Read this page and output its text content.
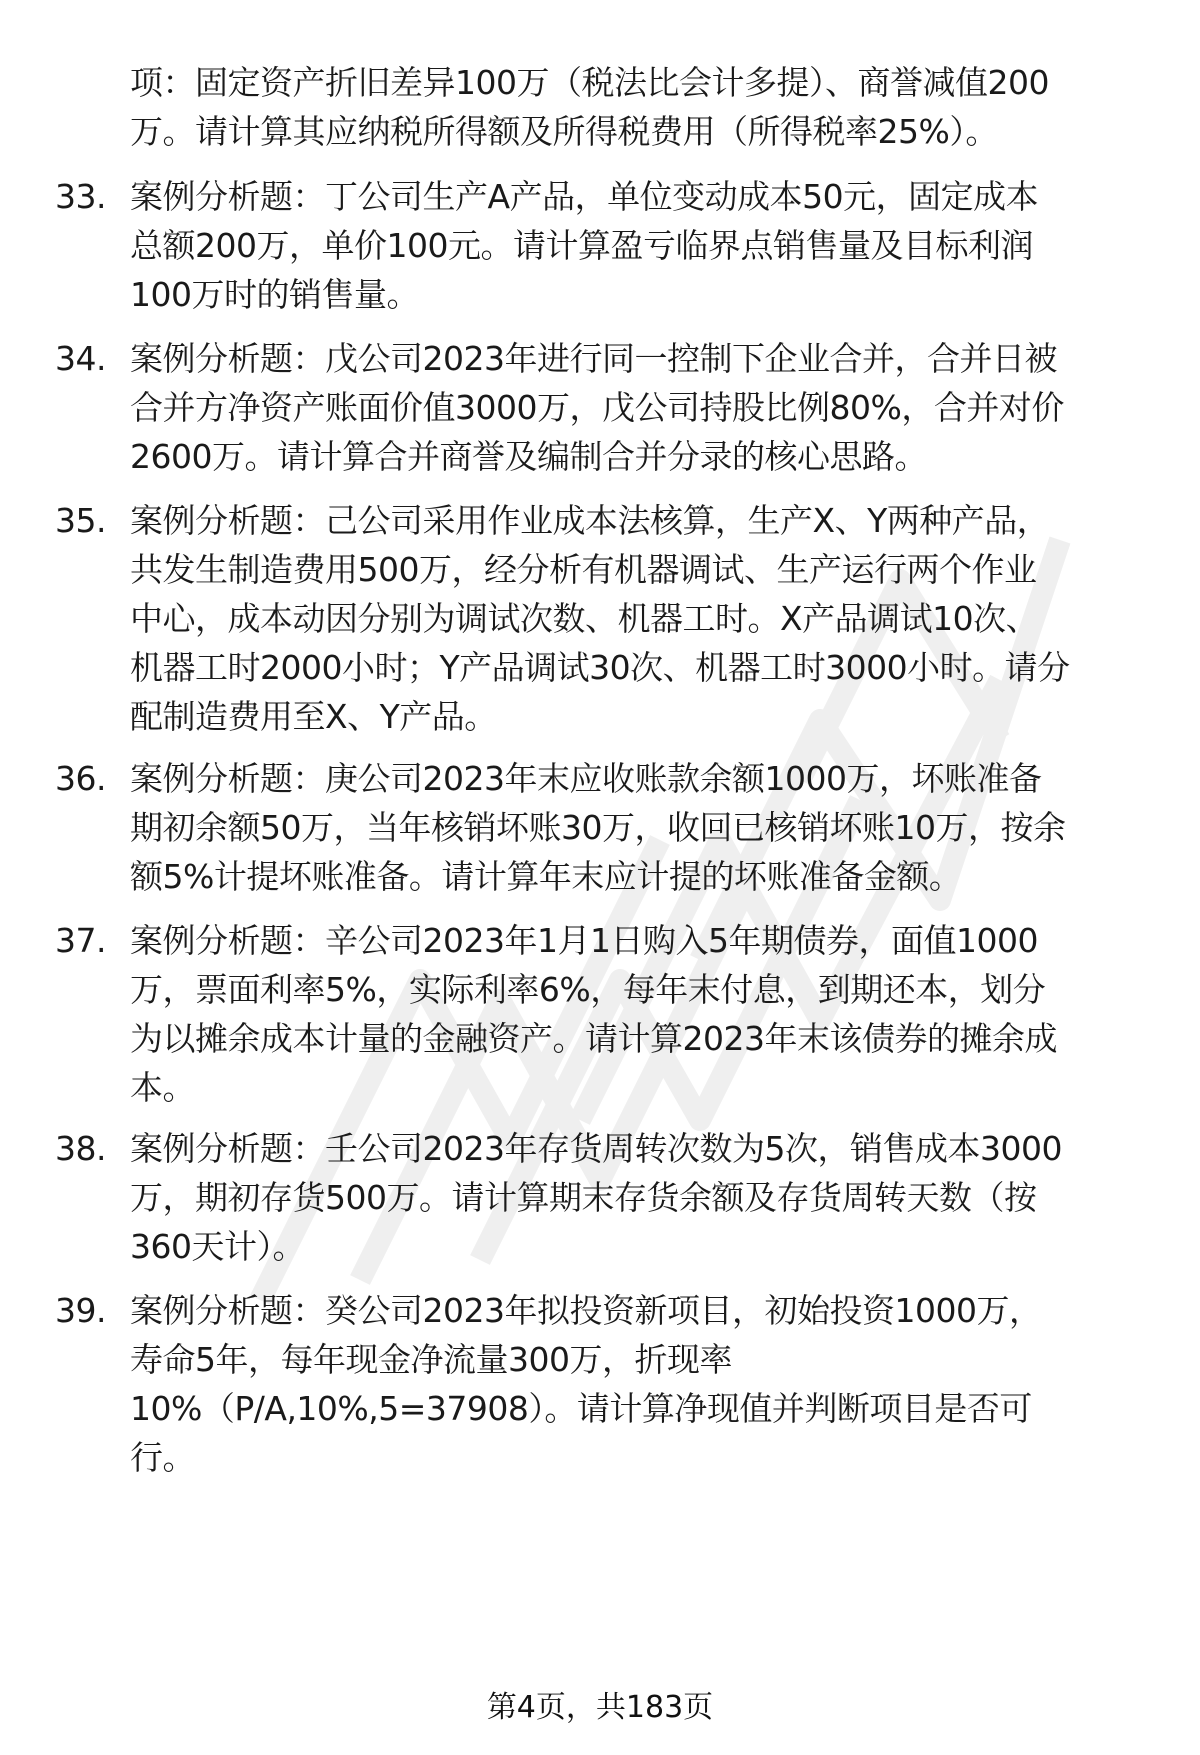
项：固定资产折旧差异100万（税法比会计多提）、商誉减值200
万。请计算其应纳税所得额及所得税费用（所得税率25%）。
33. 案例分析题：丁公司生产A产品，单位变动成本50元，固定成本
总额200万，单价100元。请计算盈亏临界点销售量及目标利润
100万时的销售量。
34. 案例分析题：戊公司2023年进行同一控制下企业合并，合并日被
合并方净资产账面价值3000万，戊公司持股比例80%，合并对价
2600万。请计算合并商誉及编制合并分录的核心思路。
35. 案例分析题：己公司采用作业成本法核算，生产X、Y两种产品，
共发生制造费用500万，经分析有机器调试、生产运行两个作业
中心，成本动因分别为调试次数、机器工时。X产品调试10次、
机器工时2000小时；Y产品调试30次、机器工时3000小时。请分
配制造费用至X、Y产品。
36. 案例分析题：庚公司2023年末应收账款余额1000万，坏账准备
期初余额50万，当年核销坏账30万，收回已核销坏账10万，按余
额5%计提坏账准备。请计算年末应计提的坏账准备金额。
37. 案例分析题：辛公司2023年1月1日购入5年期债券，面值1000
万，票面利率5%，实际利率6%，每年末付息，到期还本，划分
为以摊余成本计量的金融资产。请计算2023年末该债券的摊余成
本。
38. 案例分析题：壬公司2023年存货周转次数为5次，销售成本3000
万，期初存货500万。请计算期末存货余额及存货周转天数（按
360天计）。
39. 案例分析题：癸公司2023年拟投资新项目，初始投资1000万，
寿命5年，每年现金净流量300万，折现率
10%（P/A,10%,5=37908）。请计算净现值并判断项目是否可
行。
第4页，共183页
